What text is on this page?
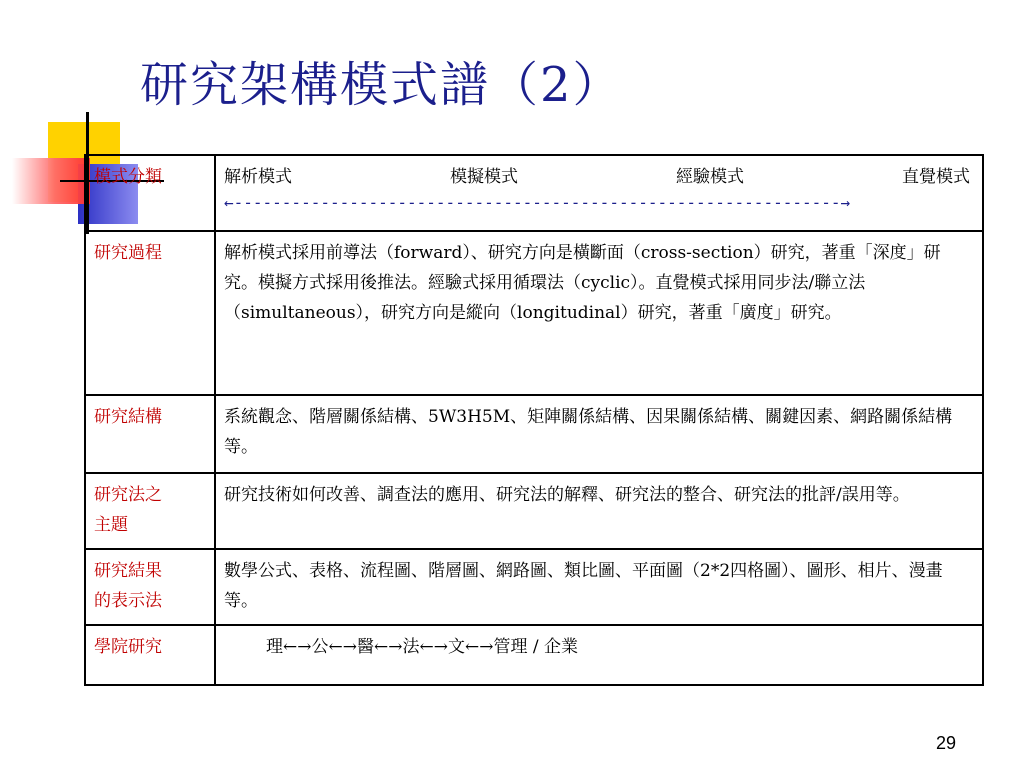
研究架構模式譜（2）
模式分類	解析模式 模擬模式 經驗模式 直覺模式
←---------------------------------------------------------------→

研究過程	解析模式採用前導法（forward）、研究方向是橫斷面（cross-section）研究，著重「深度」研究。模擬方式採用後推法。經驗式採用循環法（cyclic）。直覺模式採用同步法/聯立法（simultaneous），研究方向是縱向（longitudinal）研究，著重「廣度」研究。
研究結構	系統觀念、階層關係結構、5W3H5M、矩陣關係結構、因果關係結構、關鍵因素、網路關係結構等。

研究法之
主題	研究技術如何改善、調查法的應用、研究法的解釋、研究法的整合、研究法的批評/誤用等。

研究結果
的表示法	數學公式、表格、流程圖、階層圖、網路圖、類比圖、平面圖（2*2四格圖）、圖形、相片、漫畫等。
學院研究	理←→公←→醫←→法←→文←→管理 / 企業
29
